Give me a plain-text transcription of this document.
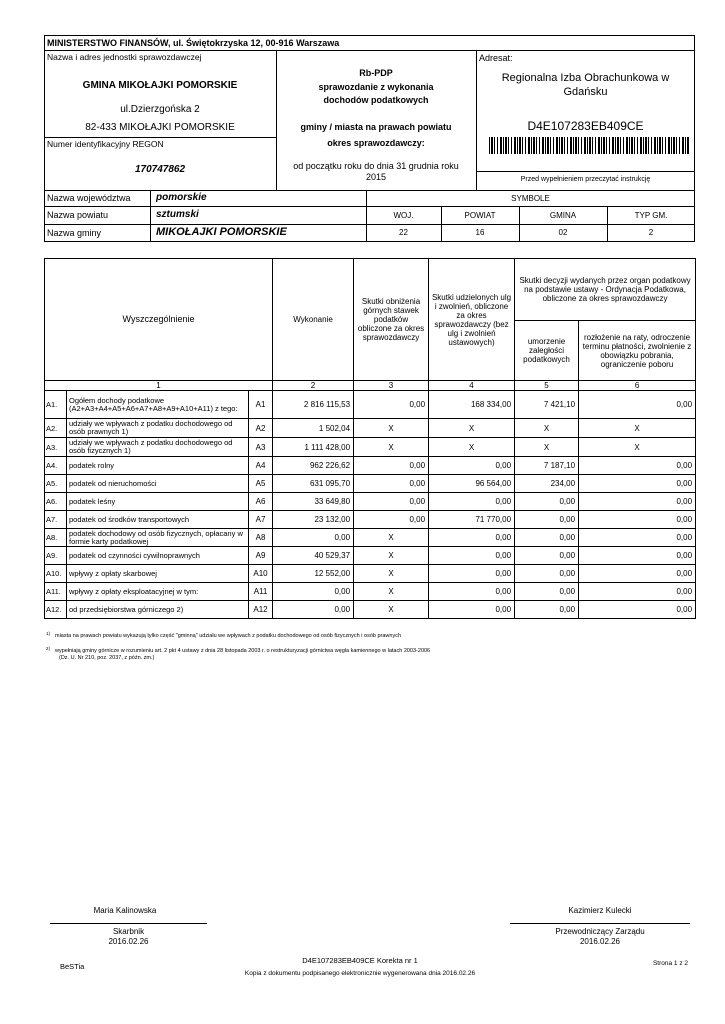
MINISTERSTWO FINANSÓW, ul. Świętokrzyska 12, 00-916 Warszawa
Nazwa i adres jednostki sprawozdawczej
GMINA MIKOŁAJKI POMORSKIE
ul.Dzierzgońska 2
82-433 MIKOŁAJKI POMORSKIE
Numer identyfikacyjny REGON
170747862
Rb-PDP
sprawozdanie z wykonania
dochodów podatkowych
gminy / miasta na prawach powiatu
okres sprawozdawczy:
od początku roku do dnia 31 grudnia roku
2015
Adresat:
Regionalna Izba Obrachunkowa w
Gdańsku
D4E107283EB409CE
Przed wypełnieniem przeczytać instrukcję
Nazwa województwa	pomorskie
Nazwa powiatu	sztumski
Nazwa gminy	MIKOŁAJKI POMORSKIE
SYMBOLE
WOJ.	POWIAT	GMINA	TYP GM.
22	16	02	2
Wyszczególnienie			Wykonanie	Skutki obniżenia górnych stawek podatków obliczone za okres sprawozdawczy	Skutki udzielonych ulg i zwolnień, obliczone za okres sprawozdawczy (bez ulg i zwolnień ustawowych)	Skutki decyzji wydanych przez organ podatkowy na podstawie ustawy - Ordynacja Podatkowa, obliczone za okres sprawozdawczy	
						umorzenie zaległości podatkowych	rozłożenie na raty, odroczenie terminu płatności, zwolnienie z obowiązku pobrania, ograniczenie poboru
1			2	3	4	5	6
A1.	Ogółem dochody podatkowe (A2+A3+A4+A5+A6+A7+A8+A9+A10+A11) z tego:	A1	2 816 115,53	0,00	168 334,00	7 421,10	0,00
A2.	udziały we wpływach z podatku dochodowego od osób prawnych 1)	A2	1 502,04	X	X	X	X
A3.	udziały we wpływach z podatku dochodowego od osób fizycznych 1)	A3	1 111 428,00	X	X	X	X
A4.	podatek rolny	A4	962 226,62	0,00	0,00	7 187,10	0,00
A5.	podatek od nieruchomości	A5	631 095,70	0,00	96 564,00	234,00	0,00
A6.	podatek leśny	A6	33 649,80	0,00	0,00	0,00	0,00
A7.	podatek od środków transportowych	A7	23 132,00	0,00	71 770,00	0,00	0,00
A8.	podatek dochodowy od osób fizycznych, opłacany w formie karty podatkowej	A8	0,00	X	0,00	0,00	0,00
A9.	podatek od czynności cywilnoprawnych	A9	40 529,37	X	0,00	0,00	0,00
A10.	wpływy z opłaty skarbowej	A10	12 552,00	X	0,00	0,00	0,00
A11.	wpływy z opłaty eksploatacyjnej w tym:	A11	0,00	X	0,00	0,00	0,00
A12.	od przedsiębiorstwa górniczego 2)	A12	0,00	X	0,00	0,00	0,00
1) miasta na prawach powiatu wykazują tylko część "gminną" udziału we wpływach z podatku dochodowego od osób fizycznych i osób prawnych
2) wypełniają gminy górnicze w rozumieniu art. 2 pkt 4 ustawy z dnia 28 listopada 2003 r. o restrukturyzacji górnictwa węgla kamiennego w latach 2003-2006
(Dz. U. Nr 210, poz. 2037, z późn. zm.)
Maria Kalinowska
Skarbnik
2016.02.26
Kazimierz Kulecki
Przewodniczący Zarządu
2016.02.26
BeSTia
D4E107283EB409CE Korekta nr 1
Kopia z dokumentu podpisanego elektronicznie wygenerowana dnia 2016.02.26
Strona 1 z 2
